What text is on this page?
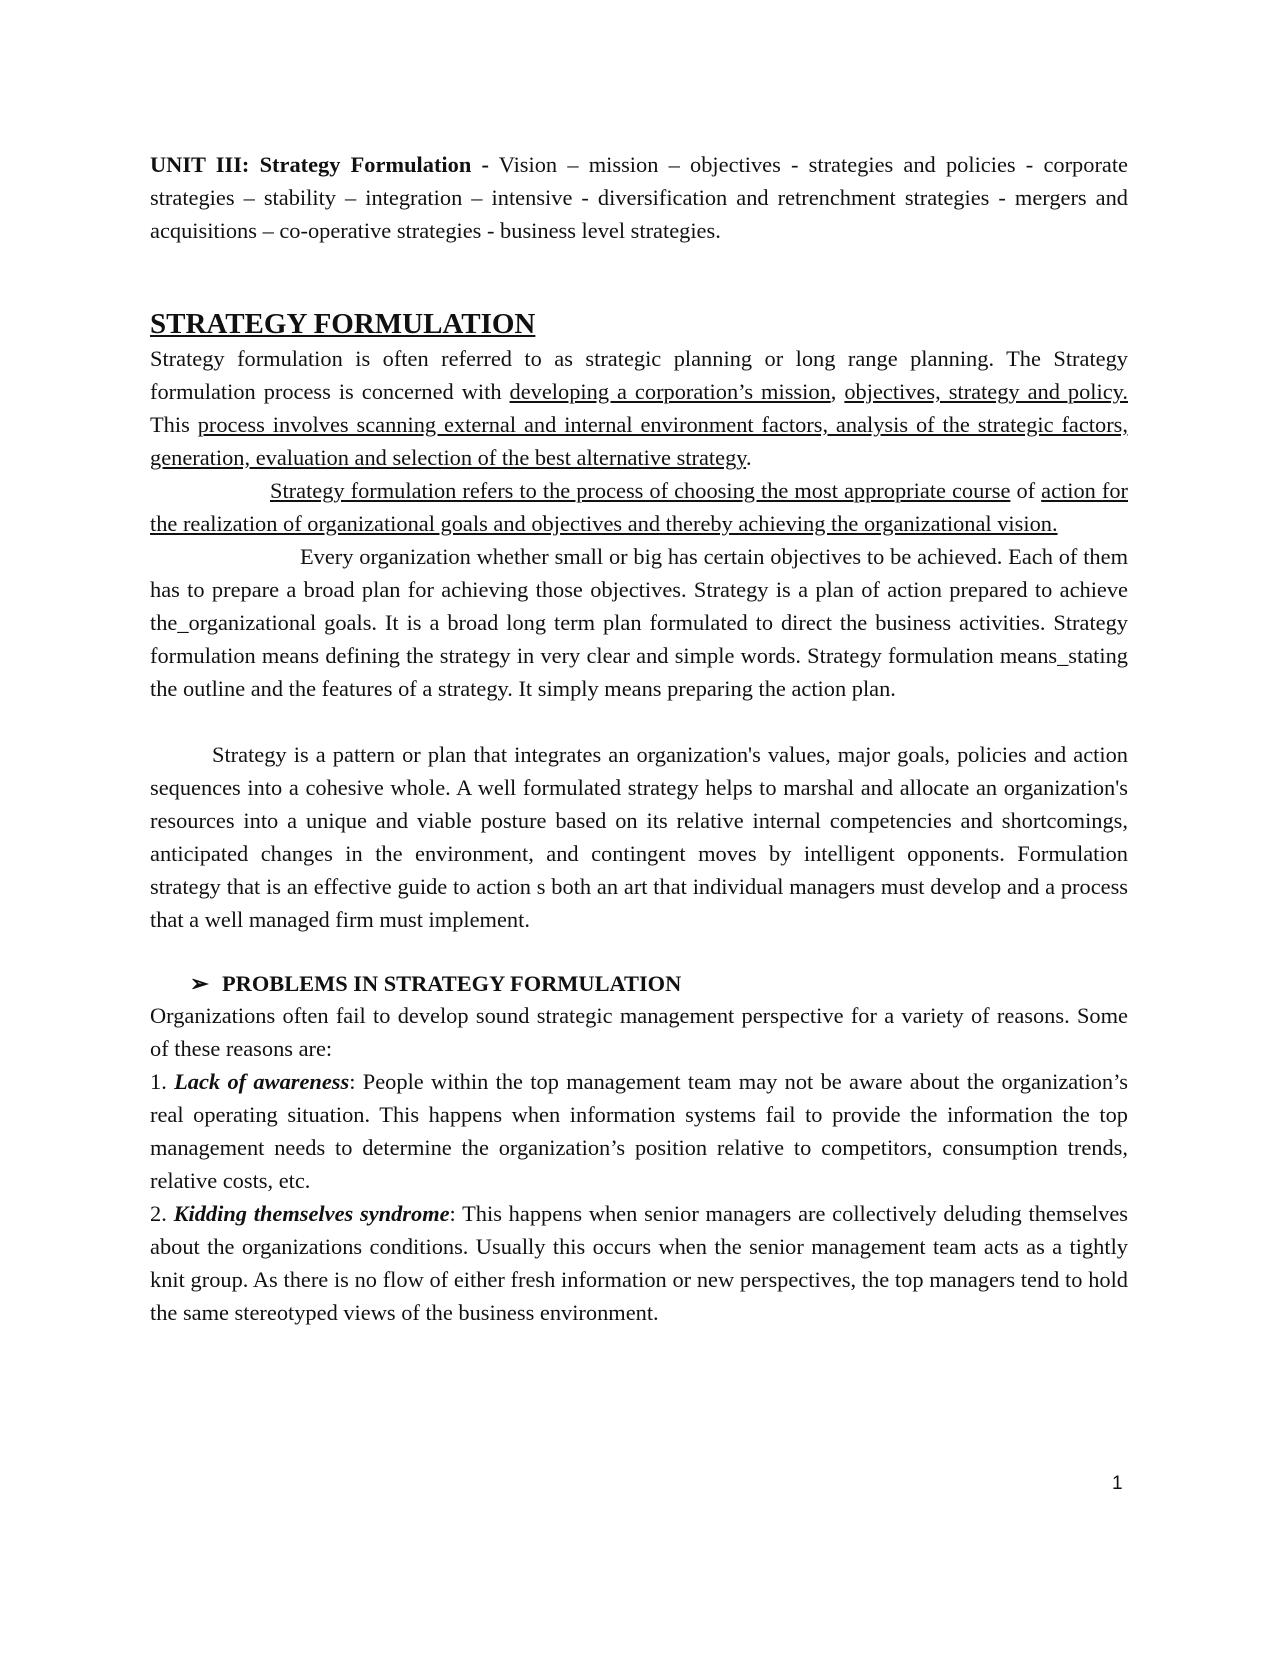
UNIT III: Strategy Formulation - Vision – mission – objectives - strategies and policies - corporate strategies – stability – integration – intensive - diversification and retrenchment strategies - mergers and acquisitions – co-operative strategies - business level strategies.

STRATEGY FORMULATION

Strategy formulation is often referred to as strategic planning or long range planning. The Strategy formulation process is concerned with developing a corporation’s mission, objectives, strategy and policy. This process involves scanning external and internal environment factors, analysis of the strategic factors, generation, evaluation and selection of the best alternative strategy.

Strategy formulation refers to the process of choosing the most appropriate course of action for the realization of organizational goals and objectives and thereby achieving the organizational vision.

Every organization whether small or big has certain objectives to be achieved. Each of them has to prepare a broad plan for achieving those objectives. Strategy is a plan of action prepared to achieve the_organizational goals. It is a broad long term plan formulated to direct the business activities. Strategy formulation means defining the strategy in very clear and simple words. Strategy formulation means_stating the outline and the features of a strategy. It simply means preparing the action plan.

Strategy is a pattern or plan that integrates an organization's values, major goals, policies and action sequences into a cohesive whole. A well formulated strategy helps to marshal and allocate an organization's resources into a unique and viable posture based on its relative internal competencies and shortcomings, anticipated changes in the environment, and contingent moves by intelligent opponents. Formulation strategy that is an effective guide to action s both an art that individual managers must develop and a process that a well managed firm must implement.

➢ PROBLEMS IN STRATEGY FORMULATION

Organizations often fail to develop sound strategic management perspective for a variety of reasons. Some of these reasons are:

1. Lack of awareness: People within the top management team may not be aware about the organization’s real operating situation. This happens when information systems fail to provide the information the top management needs to determine the organization’s position relative to competitors, consumption trends, relative costs, etc.

2. Kidding themselves syndrome: This happens when senior managers are collectively deluding themselves about the organizations conditions. Usually this occurs when the senior management team acts as a tightly knit group. As there is no flow of either fresh information or new perspectives, the top managers tend to hold the same stereotyped views of the business environment.

1
